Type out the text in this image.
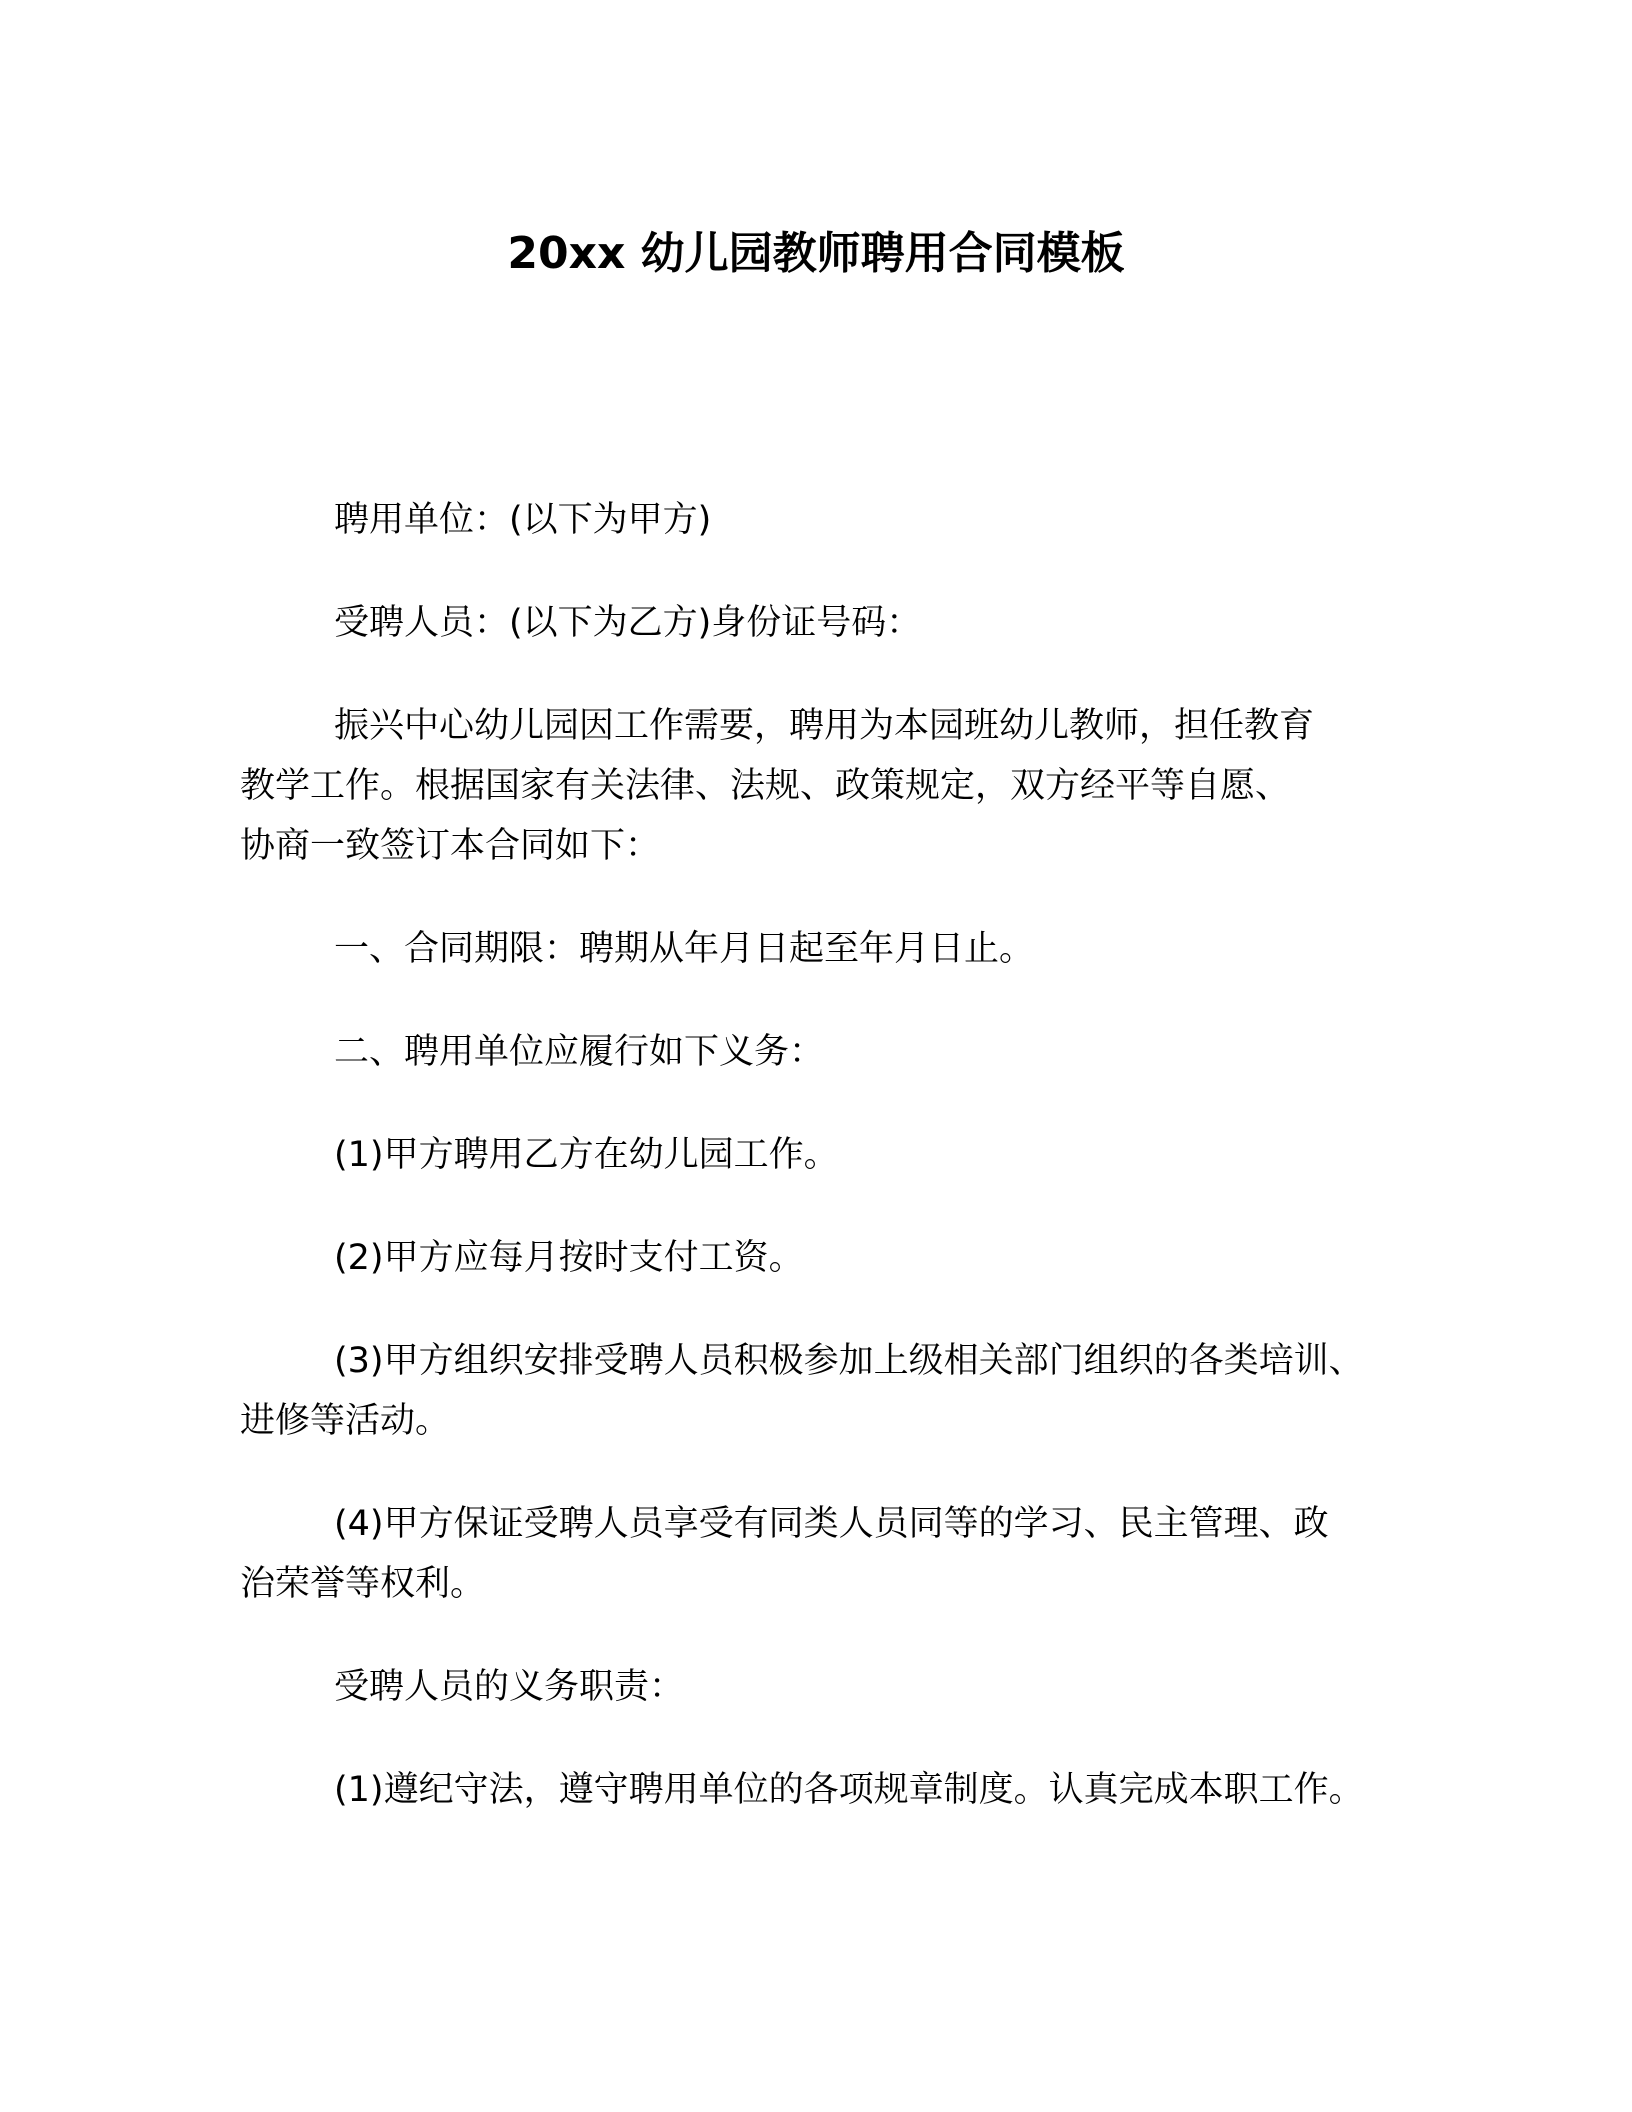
20xx 幼儿园教师聘用合同模板

聘用单位：(以下为甲方)

受聘人员：(以下为乙方)身份证号码：

振兴中心幼儿园因工作需要，聘用为本园班幼儿教师，担任教育
教学工作。根据国家有关法律、法规、政策规定，双方经平等自愿、
协商一致签订本合同如下：

一、合同期限：聘期从年月日起至年月日止。

二、聘用单位应履行如下义务：

(1)甲方聘用乙方在幼儿园工作。

(2)甲方应每月按时支付工资。

(3)甲方组织安排受聘人员积极参加上级相关部门组织的各类培训、
进修等活动。

(4)甲方保证受聘人员享受有同类人员同等的学习、民主管理、政
治荣誉等权利。

受聘人员的义务职责：

(1)遵纪守法，遵守聘用单位的各项规章制度。认真完成本职工作。
